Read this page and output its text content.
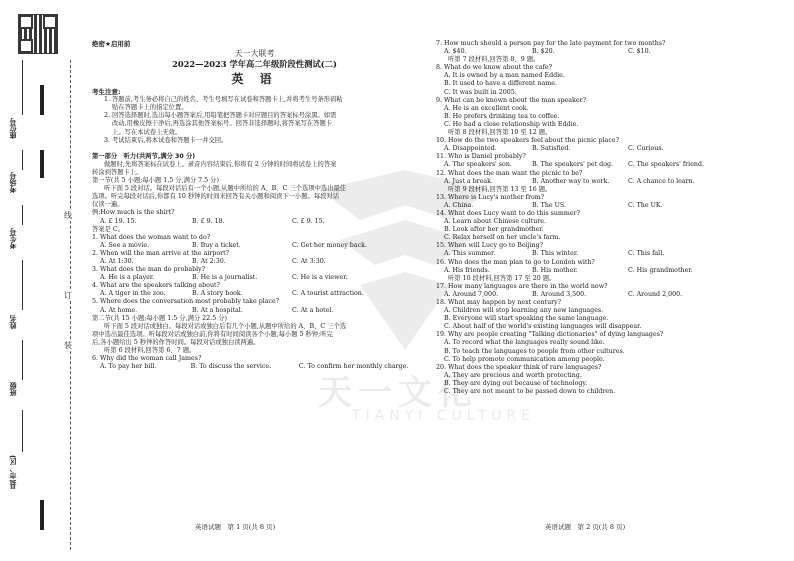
座位号
考场号
考生号
姓名
班级
县(市、区)
线
订
装
天一文化
TIANYI CULTURE

绝密★启用前

天一大联考

2022—2023 学年高二年级阶段性测试(二)

英 语

考生注意:

1. 答题前,考生务必将自己的姓名、考生号填写在试卷和答题卡上,并将考生号条形码粘

贴在答题卡上的指定位置。

2. 回答选择题时,选出每小题答案后,用铅笔把答题卡对应题目的答案标号涂黑。如需

改动,用橡皮擦干净后,再选涂其他答案标号。回答非选择题时,将答案写在答题卡

上。写在本试卷上无效。

3. 考试结束后,将本试卷和答题卡一并交回。

第一部分　听力(共两节,满分 30 分)

做题时,先将答案标在试卷上。录音内容结束后,你将有 2 分钟的时间将试卷上的答案

转涂到答题卡上。

第一节(共 5 小题;每小题 1.5 分,满分 7.5 分)

听下面 5 段对话。每段对话后有一个小题,从题中所给的 A、B、C 三个选项中选出最佳

选项。听完每段对话后,你都有 10 秒钟的时间来回答有关小题和阅读下一小题。每段对话

仅读一遍。

例:How much is the shirt?

A. £ 19. 15.	B. £ 9. 18.	C. £ 9. 15.

答案是 C。

1. What does the woman want to do?

A. See a movie.	B. Buy a ticket.	C. Get her money back.

2. When will the man arrive at the airport?

A. At 1:30.	B. At 2:30.	C. At 3:30.

3. What does the man do probably?

A. He is a player.	B. He is a journalist.	C. He is a viewer.

4. What are the speakers talking about?

A. A tiger in the zoo.	B. A story book.	C. A tourist attraction.

5. Where does the conversation most probably take place?

A. At home.	B. At a hospital.	C. At a hotel.

第二节(共 15 小题;每小题 1.5 分,满分 22.5 分)

听下面 5 段对话或独白。每段对话或独白后有几个小题,从题中所给的 A、B、C 三个选

项中选出最佳选项。听每段对话或独白前,你将有时间阅读各个小题,每小题 5 秒钟;听完

后,各小题给出 5 秒钟的作答时间。每段对话或独白读两遍。

听第 6 段材料,回答第 6、7 题。

6. Why did the woman call James?

A. To pay her bill.	B. To discuss the service.	C. To confirm her monthly charge.

7. How much should a person pay for the late payment for two months?

A. $40.	B. $20.	C. $10.

听第 7 段材料,回答第 8、9 题。

8. What do we know about the cafe?

A. It is owned by a man named Eddie.

B. It used to have a different name.

C. It was built in 2005.

9. What can be known about the man speaker?

A. He is an excellent cook.

B. He prefers drinking tea to coffee.

C. He had a close relationship with Eddie.

听第 8 段材料,回答第 10 至 12 题。

10. How do the two speakers feel about the picnic place?

A. Disappointed.	B. Satisfied.	C. Curious.

11. Who is Daniel probably?

A. The speakers' son.	B. The speakers' pet dog.	C. The speakers' friend.

12. What does the man want the picnic to be?

A. Just a break.	B. Another way to work.	C. A chance to learn.

听第 9 段材料,回答第 13 至 16 题。

13. Where is Lucy's mother from?

A. China.	B. The US.	C. The UK.

14. What does Lucy want to do this summer?

A. Learn about Chinese culture.

B. Look after her grandmother.

C. Relax herself on her uncle's farm.

15. When will Lucy go to Beijing?

A. This summer.	B. This winter.	C. This fall.

16. Who does the man plan to go to London with?

A. His friends.	B. His mother.	C. His grandmother.

听第 10 段材料,回答第 17 至 20 题。

17. How many languages are there in the world now?

A. Around 7,000.	B. Around 3,500.	C. Around 2,000.

18. What may happen by next century?

A. Children will stop learning any new languages.

B. Everyone will start speaking the same language.

C. About half of the world's existing languages will disappear.

19. Why are people creating "Talking dictionaries" of dying languages?

A. To record what the languages really sound like.

B. To teach the languages to people from other cultures.

C. To help promote communication among people.

20. What does the speaker think of rare languages?

A. They are precious and worth protecting.

B. They are dying out because of technology.

C. They are not meant to be passed down to children.

英语试题　第 1 页(共 8 页)	英语试题　第 2 页(共 8 页)
